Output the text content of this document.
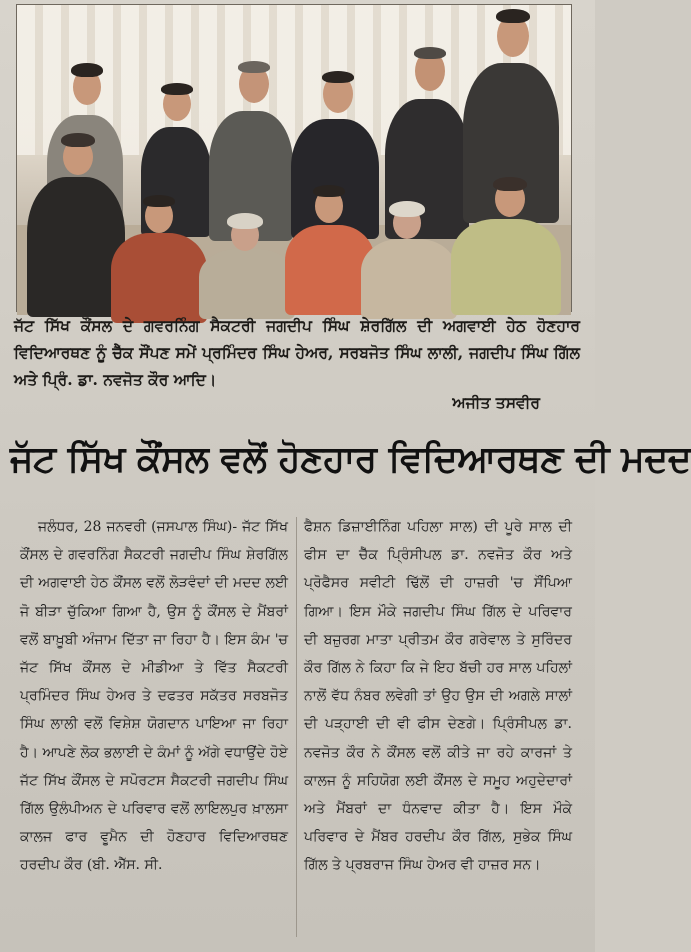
ਜੱਟ ਸਿੱਖ ਕੌਂਸਲ ਦੇ ਗਵਰਨਿੰਗ ਸੈਕਟਰੀ ਜਗਦੀਪ ਸਿੰਘ ਸ਼ੇਰਗਿੱਲ ਦੀ ਅਗਵਾਈ ਹੇਠ ਹੋਣਹਾਰ ਵਿਦਿਆਰਥਣ ਨੂੰ ਚੈੱਕ ਸੌਂਪਣ ਸਮੇਂ ਪ੍ਰਮਿੰਦਰ ਸਿੰਘ ਹੇਅਰ, ਸਰਬਜੋਤ ਸਿੰਘ ਲਾਲੀ, ਜਗਦੀਪ ਸਿੰਘ ਗਿੱਲ ਅਤੇ ਪ੍ਰਿੰ. ਡਾ. ਨਵਜੋਤ ਕੌਰ ਆਦਿ।
ਅਜੀਤ ਤਸਵੀਰ
ਜੱਟ ਸਿੱਖ ਕੌਂਸਲ ਵਲੋਂ ਹੋਣਹਾਰ ਵਿਦਿਆਰਥਣ ਦੀ ਮਦਦ
ਜਲੰਧਰ, 28 ਜਨਵਰੀ (ਜਸਪਾਲ ਸਿੰਘ)- ਜੱਟ ਸਿੱਖ ਕੌਂਸਲ ਦੇ ਗਵਰਨਿੰਗ ਸੈਕਟਰੀ ਜਗਦੀਪ ਸਿੰਘ ਸ਼ੇਰਗਿੱਲ ਦੀ ਅਗਵਾਈ ਹੇਠ ਕੌਂਸਲ ਵਲੋਂ ਲੋੜਵੰਦਾਂ ਦੀ ਮਦਦ ਲਈ ਜੋ ਬੀੜਾ ਚੁੱਕਿਆ ਗਿਆ ਹੈ, ਉਸ ਨੂੰ ਕੌਂਸਲ ਦੇ ਮੈਂਬਰਾਂ ਵਲੋਂ ਬਾਖ਼ੂਬੀ ਅੰਜਾਮ ਦਿੱਤਾ ਜਾ ਰਿਹਾ ਹੈ। ਇਸ ਕੰਮ 'ਚ ਜੱਟ ਸਿੱਖ ਕੌਂਸਲ ਦੇ ਮੀਡੀਆ ਤੇ ਵਿੱਤ ਸੈਕਟਰੀ ਪ੍ਰਮਿੰਦਰ ਸਿੰਘ ਹੇਅਰ ਤੇ ਦਫਤਰ ਸਕੱਤਰ ਸਰਬਜੋਤ ਸਿੰਘ ਲਾਲੀ ਵਲੋਂ ਵਿਸ਼ੇਸ਼ ਯੋਗਦਾਨ ਪਾਇਆ ਜਾ ਰਿਹਾ ਹੈ। ਆਪਣੇ ਲੋਕ ਭਲਾਈ ਦੇ ਕੰਮਾਂ ਨੂੰ ਅੱਗੇ ਵਧਾਉਂਦੇ ਹੋਏ ਜੱਟ ਸਿੱਖ ਕੌਂਸਲ ਦੇ ਸਪੋਰਟਸ ਸੈਕਟਰੀ ਜਗਦੀਪ ਸਿੰਘ ਗਿੱਲ ਉਲੰਪੀਅਨ ਦੇ ਪਰਿਵਾਰ ਵਲੋਂ ਲਾਇਲਪੁਰ ਖ਼ਾਲਸਾ ਕਾਲਜ ਫਾਰ ਵੂਮੈਨ ਦੀ ਹੋਣਹਾਰ ਵਿਦਿਆਰਥਣ ਹਰਦੀਪ ਕੌਰ (ਬੀ. ਐੱਸ. ਸੀ.
ਫੈਸ਼ਨ ਡਿਜ਼ਾਈਨਿੰਗ ਪਹਿਲਾ ਸਾਲ) ਦੀ ਪੂਰੇ ਸਾਲ ਦੀ ਫੀਸ ਦਾ ਚੈੱਕ ਪ੍ਰਿੰਸੀਪਲ ਡਾ. ਨਵਜੋਤ ਕੌਰ ਅਤੇ ਪ੍ਰੋਫੈਸਰ ਸਵੀਟੀ ਢਿੱਲੋਂ ਦੀ ਹਾਜ਼ਰੀ 'ਚ ਸੌਂਪਿਆ ਗਿਆ। ਇਸ ਮੌਕੇ ਜਗਦੀਪ ਸਿੰਘ ਗਿੱਲ ਦੇ ਪਰਿਵਾਰ ਦੀ ਬਜ਼ੁਰਗ ਮਾਤਾ ਪ੍ਰੀਤਮ ਕੌਰ ਗਰੇਵਾਲ ਤੇ ਸੁਰਿੰਦਰ ਕੌਰ ਗਿੱਲ ਨੇ ਕਿਹਾ ਕਿ ਜੇ ਇਹ ਬੱਚੀ ਹਰ ਸਾਲ ਪਹਿਲਾਂ ਨਾਲੋਂ ਵੱਧ ਨੰਬਰ ਲਵੇਗੀ ਤਾਂ ਉਹ ਉਸ ਦੀ ਅਗਲੇ ਸਾਲਾਂ ਦੀ ਪੜ੍ਹਾਈ ਦੀ ਵੀ ਫੀਸ ਦੇਣਗੇ। ਪ੍ਰਿੰਸੀਪਲ ਡਾ. ਨਵਜੋਤ ਕੌਰ ਨੇ ਕੌਂਸਲ ਵਲੋਂ ਕੀਤੇ ਜਾ ਰਹੇ ਕਾਰਜਾਂ ਤੇ ਕਾਲਜ ਨੂੰ ਸਹਿਯੋਗ ਲਈ ਕੌਂਸਲ ਦੇ ਸਮੂਹ ਅਹੁਦੇਦਾਰਾਂ ਅਤੇ ਮੈਂਬਰਾਂ ਦਾ ਧੰਨਵਾਦ ਕੀਤਾ ਹੈ। ਇਸ ਮੌਕੇ ਪਰਿਵਾਰ ਦੇ ਮੈਂਬਰ ਹਰਦੀਪ ਕੌਰ ਗਿੱਲ, ਸੁਭੇਕ ਸਿੰਘ ਗਿੱਲ ਤੇ ਪ੍ਰਬਰਾਜ ਸਿੰਘ ਹੇਅਰ ਵੀ ਹਾਜ਼ਰ ਸਨ।
